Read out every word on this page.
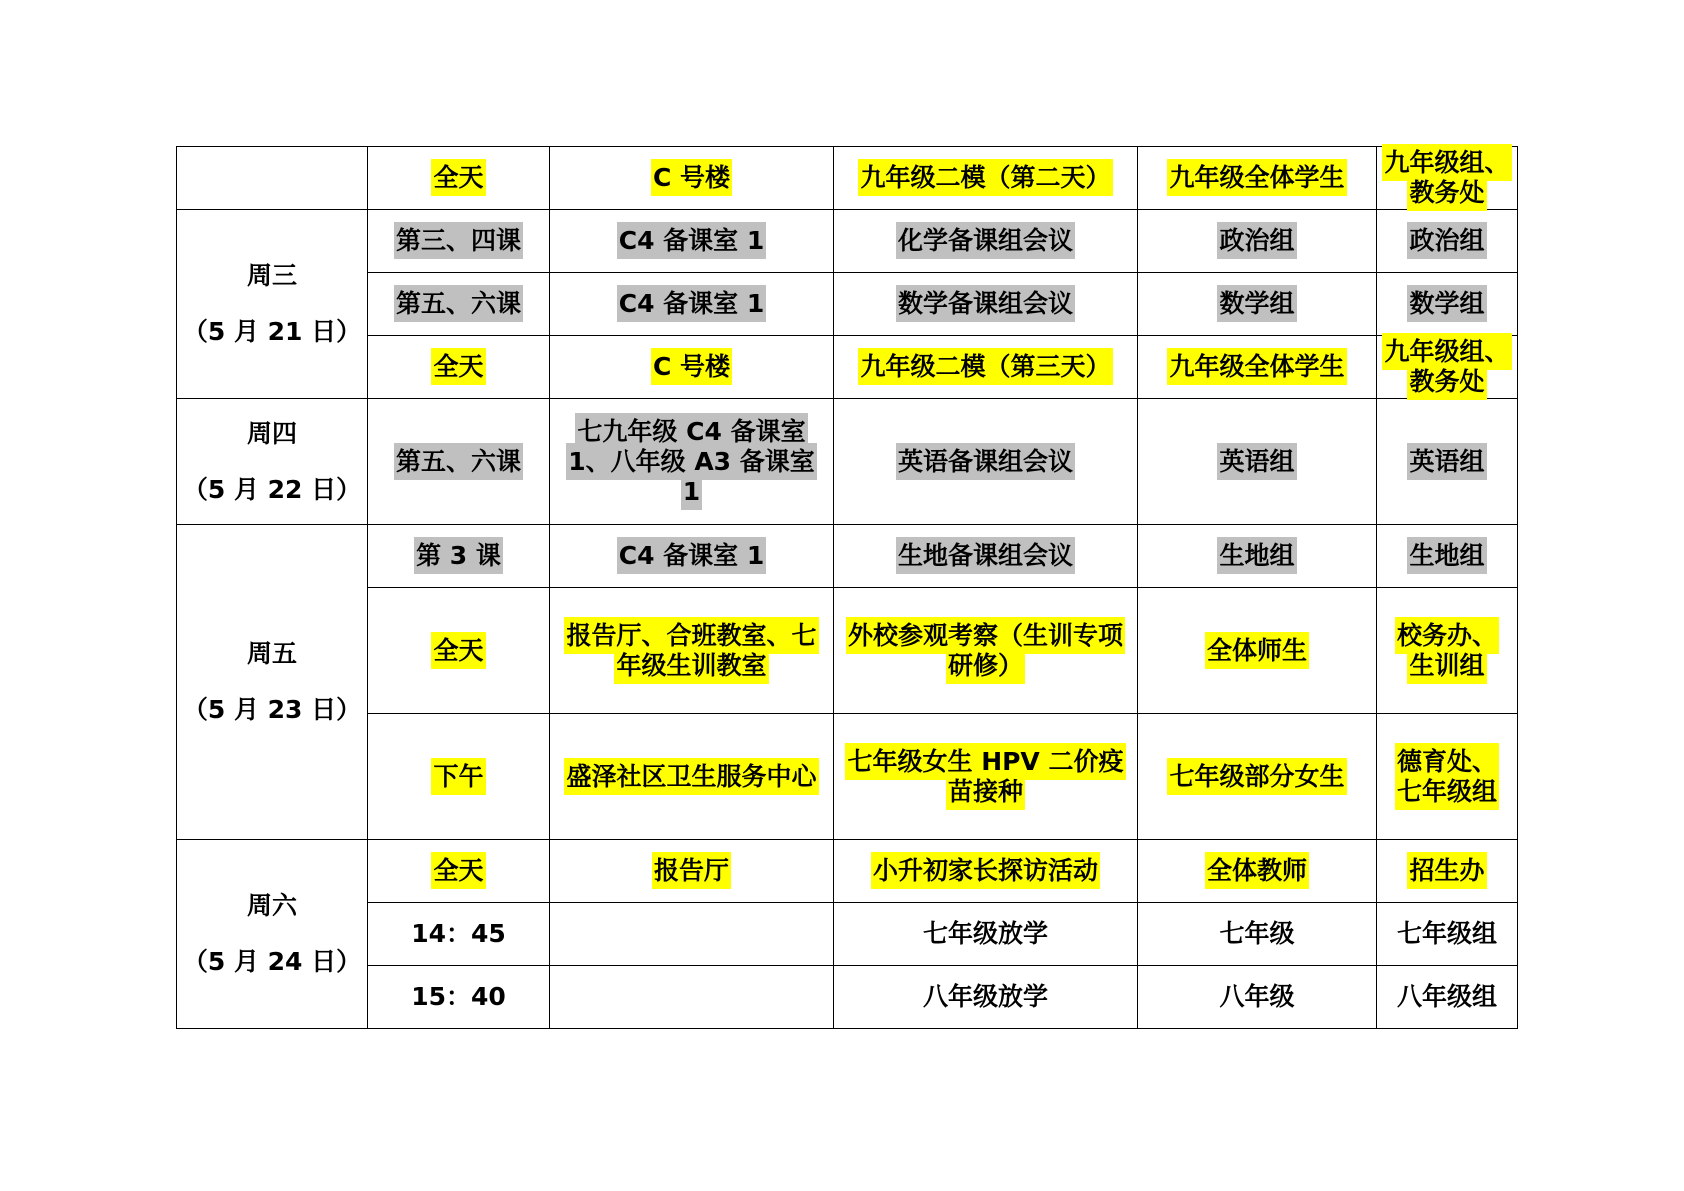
	全天	C 号楼	九年级二模（第二天）	九年级全体学生	九年级组、教务处

周三
（5 月 21 日）	第三、四课	C4 备课室 1	化学备课组会议	政治组	政治组
	第五、六课	C4 备课室 1	数学备课组会议	数学组	数学组
	全天	C 号楼	九年级二模（第三天）	九年级全体学生	九年级组、教务处

周四
（5 月 22 日）	第五、六课	七九年级 C4 备课室 1、八年级 A3 备课室 1	英语备课组会议	英语组	英语组

周五
（5 月 23 日）	第 3 课	C4 备课室 1	生地备课组会议	生地组	生地组
	全天	报告厅、合班教室、七年级生训教室	外校参观考察（生训专项研修）	全体师生	校务办、生训组
	下午	盛泽社区卫生服务中心	七年级女生 HPV 二价疫苗接种	七年级部分女生	德育处、七年级组

周六
（5 月 24 日）	全天	报告厅	小升初家长探访活动	全体教师	招生办
	14：45		七年级放学	七年级	七年级组
	15：40		八年级放学	八年级	八年级组
